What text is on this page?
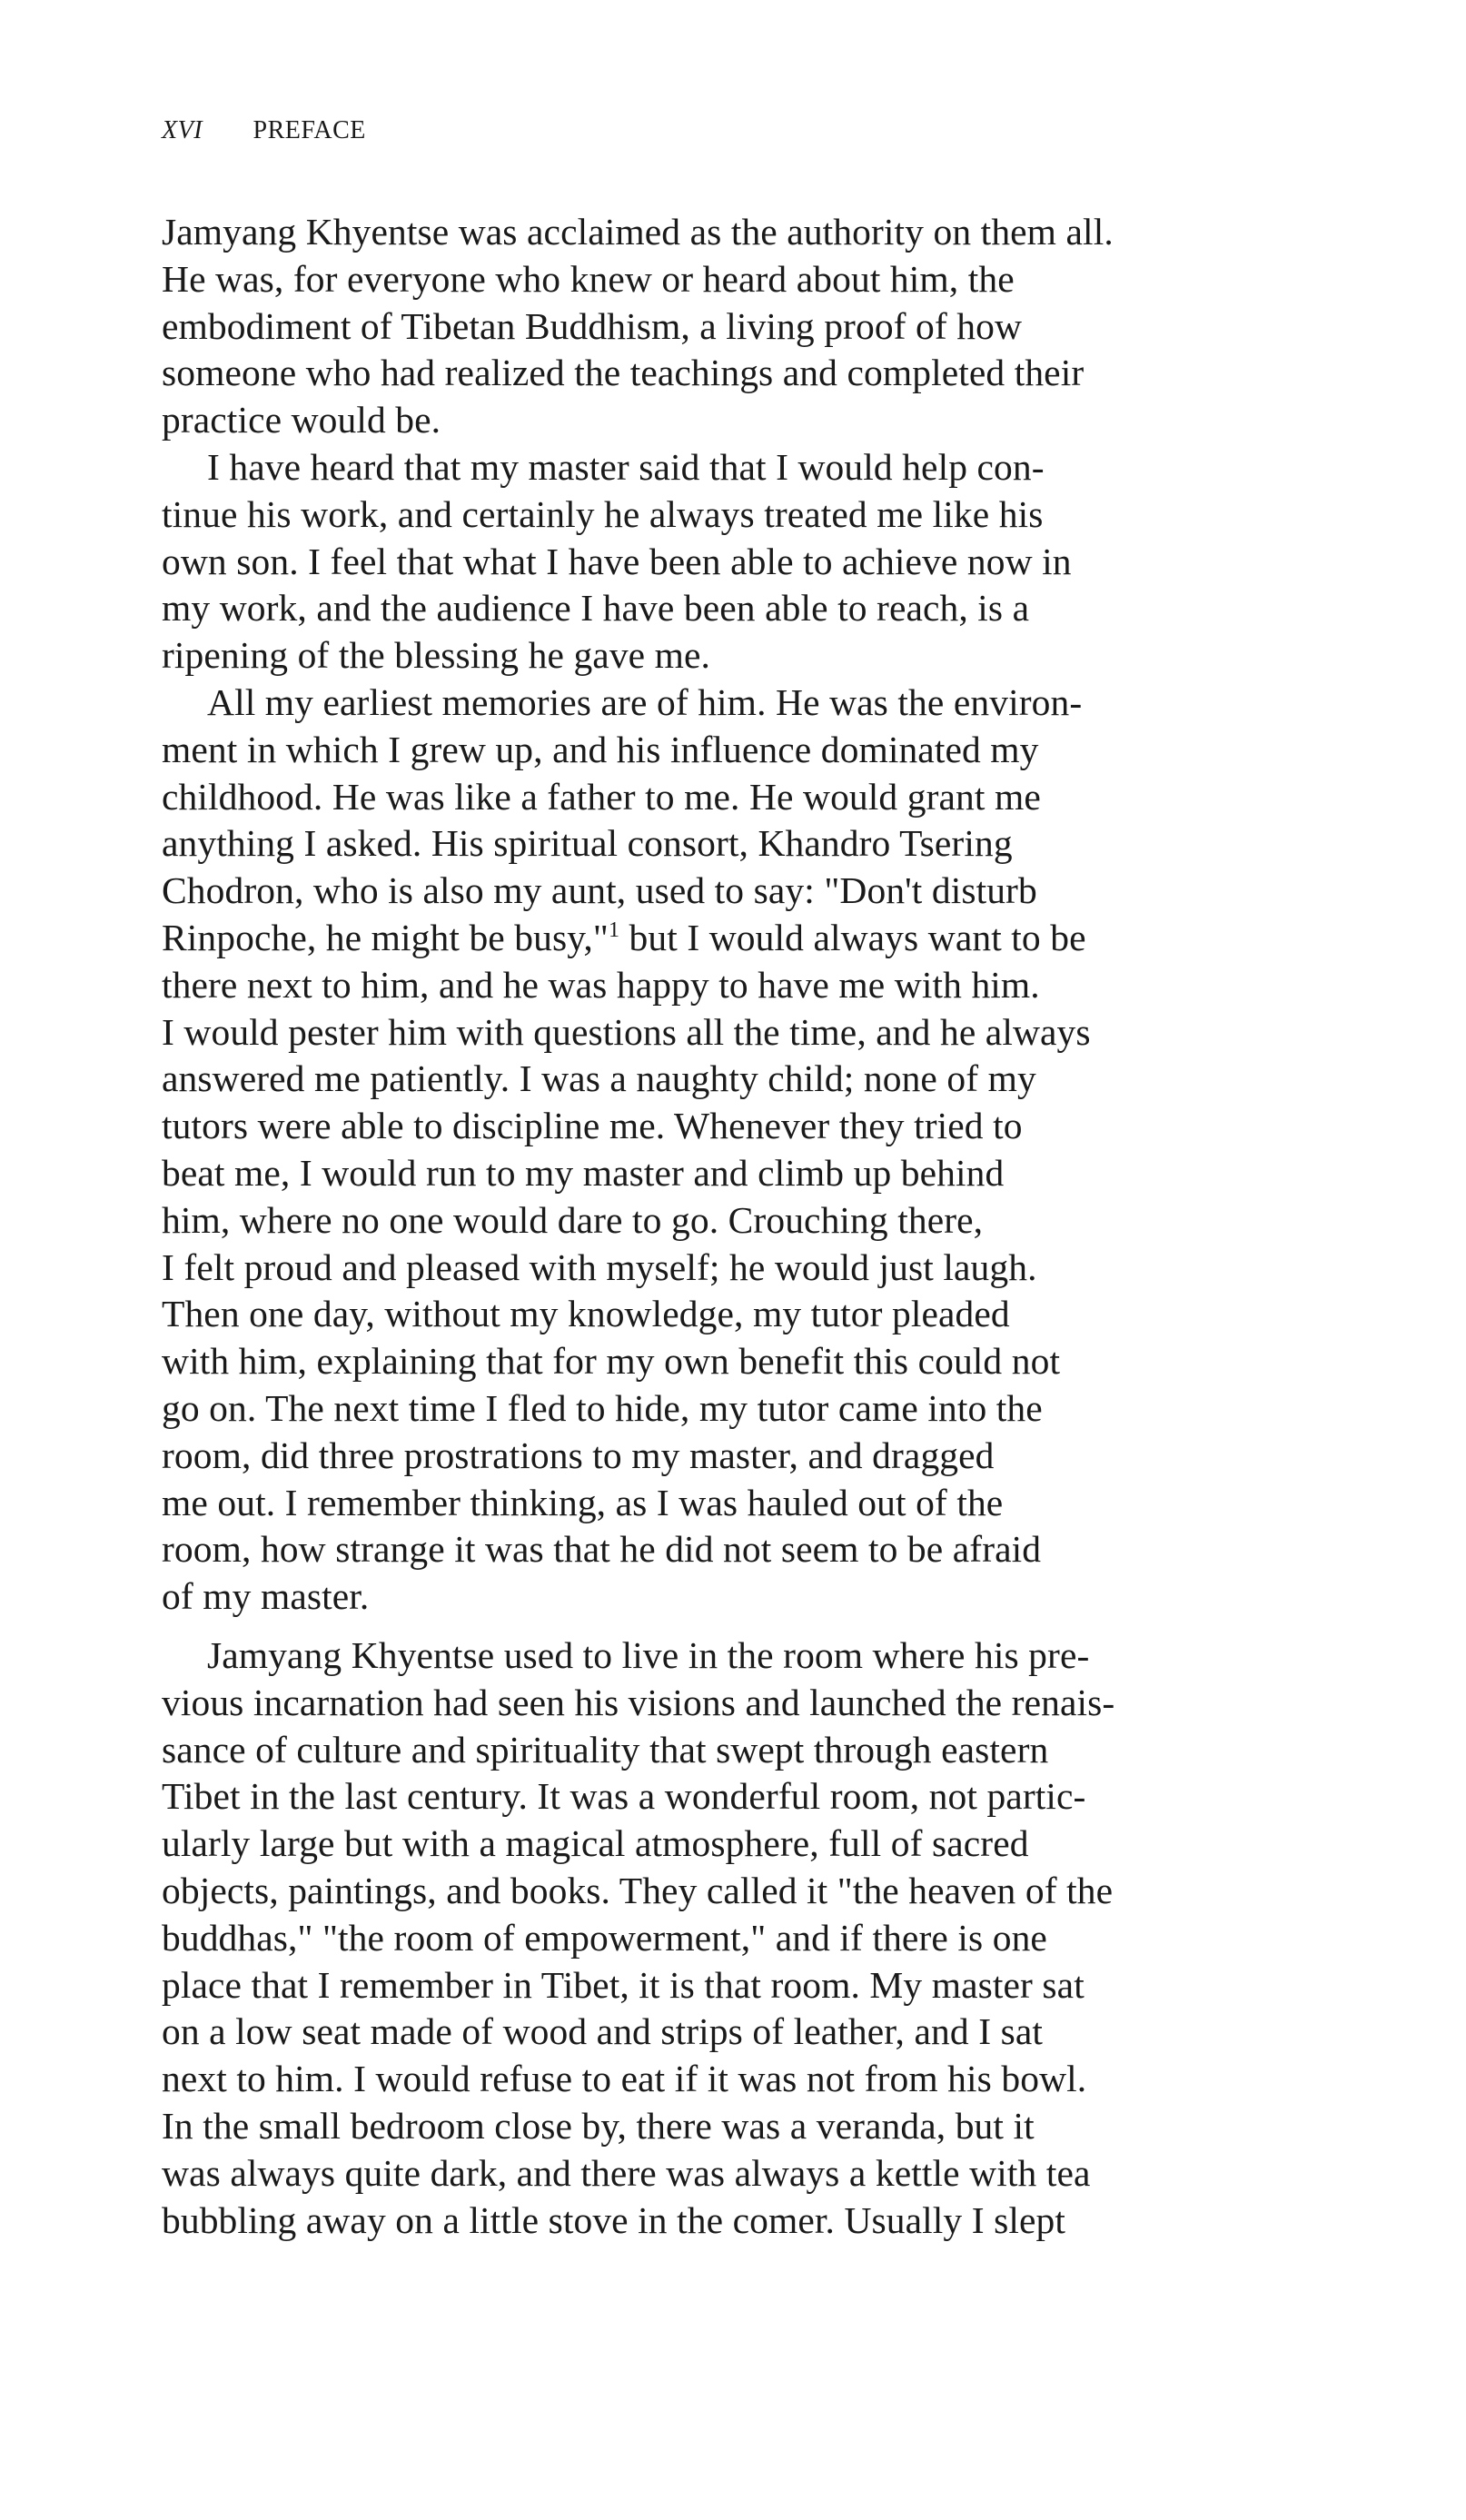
XVI PREFACE
Jamyang Khyentse was acclaimed as the authority on them all.
He was, for everyone who knew or heard about him, the
embodiment of Tibetan Buddhism, a living proof of how
someone who had realized the teachings and completed their
practice would be.
I have heard that my master said that I would help con-
tinue his work, and certainly he always treated me like his
own son. I feel that what I have been able to achieve now in
my work, and the audience I have been able to reach, is a
ripening of the blessing he gave me.
All my earliest memories are of him. He was the environ-
ment in which I grew up, and his influence dominated my
childhood. He was like a father to me. He would grant me
anything I asked. His spiritual consort, Khandro Tsering
Chodron, who is also my aunt, used to say: "Don't disturb
Rinpoche, he might be busy,"$^1$ but I would always want to be
there next to him, and he was happy to have me with him.
I would pester him with questions all the time, and he always
answered me patiently. I was a naughty child; none of my
tutors were able to discipline me. Whenever they tried to
beat me, I would run to my master and climb up behind
him, where no one would dare to go. Crouching there,
I felt proud and pleased with myself; he would just laugh.
Then one day, without my knowledge, my tutor pleaded
with him, explaining that for my own benefit this could not
go on. The next time I fled to hide, my tutor came into the
room, did three prostrations to my master, and dragged
me out. I remember thinking, as I was hauled out of the
room, how strange it was that he did not seem to be afraid
of my master.
Jamyang Khyentse used to live in the room where his pre-
vious incarnation had seen his visions and launched the renais-
sance of culture and spirituality that swept through eastern
Tibet in the last century. It was a wonderful room, not partic-
ularly large but with a magical atmosphere, full of sacred
objects, paintings, and books. They called it "the heaven of the
buddhas," "the room of empowerment," and if there is one
place that I remember in Tibet, it is that room. My master sat
on a low seat made of wood and strips of leather, and I sat
next to him. I would refuse to eat if it was not from his bowl.
In the small bedroom close by, there was a veranda, but it
was always quite dark, and there was always a kettle with tea
bubbling away on a little stove in the comer. Usually I slept
